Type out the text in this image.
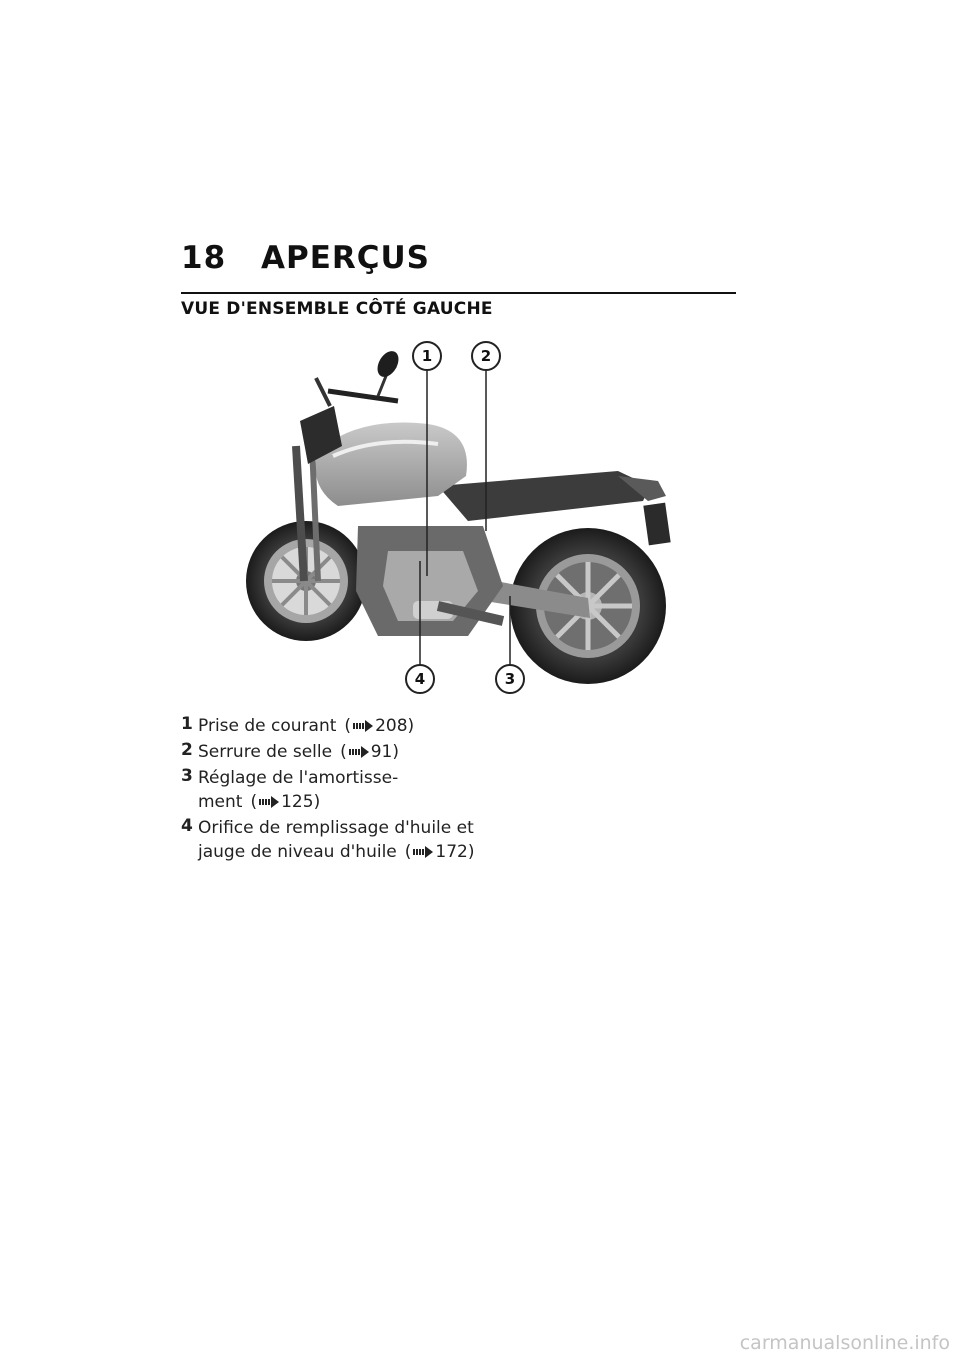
18 APERÇUS
VUE D'ENSEMBLE CÔTÉ GAUCHE
1	2
3
4
1 Prise de courant ( 208)
2 Serrure de selle ( 91)
3 Réglage de l'amortisse-ment ( 125)
4 Orifice de remplissage d'huile et jauge de niveau d'huile ( 172)
carmanualsonline.info
